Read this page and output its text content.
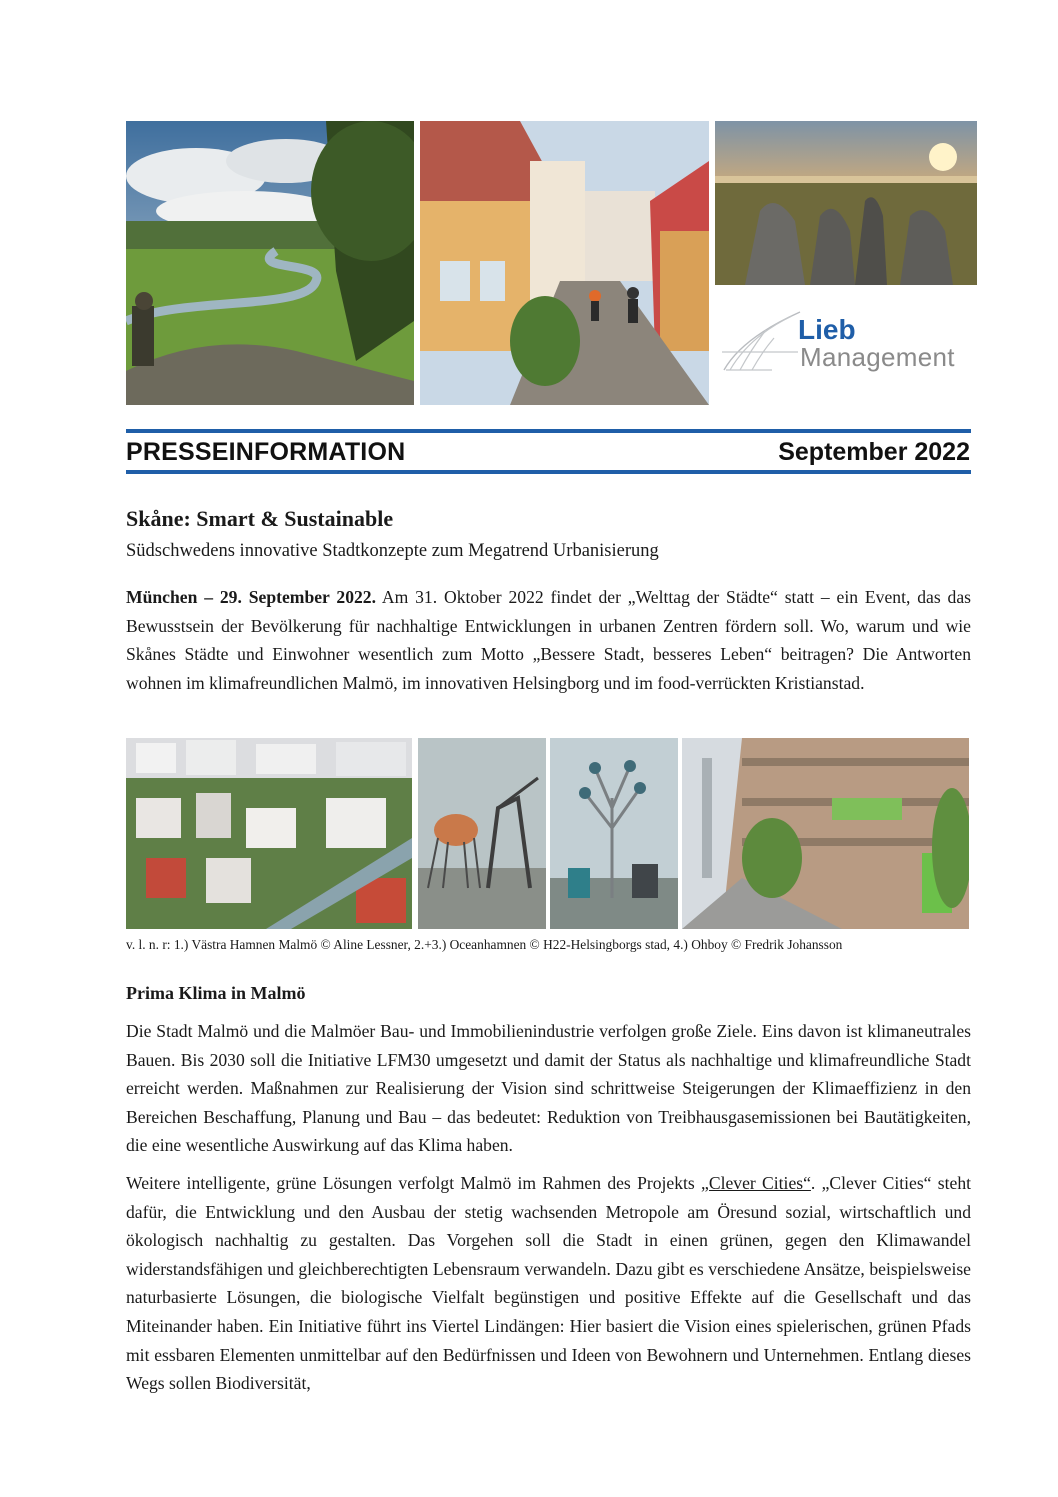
Lieb
Management
PRESSEINFORMATION	September 2022
Skåne: Smart & Sustainable
Südschwedens innovative Stadtkonzepte zum Megatrend Urbanisierung
München – 29. September 2022. Am 31. Oktober 2022 findet der „Welttag der Städte“ statt – ein Event, das das Bewusstsein der Bevölkerung für nachhaltige Entwicklungen in urbanen Zentren fördern soll. Wo, warum und wie Skånes Städte und Einwohner wesentlich zum Motto „Bessere Stadt, besseres Leben“ beitragen? Die Antworten wohnen im klimafreundlichen Malmö, im innovativen Helsingborg und im food-verrückten Kristianstad.
v. l. n. r: 1.) Västra Hamnen Malmö © Aline Lessner, 2.+3.) Oceanhamnen © H22-Helsingborgs stad, 4.) Ohboy © Fredrik Johansson
Prima Klima in Malmö
Die Stadt Malmö und die Malmöer Bau- und Immobilienindustrie verfolgen große Ziele. Eins davon ist klimaneutrales Bauen. Bis 2030 soll die Initiative LFM30 umgesetzt und damit der Status als nachhaltige und klimafreundliche Stadt erreicht werden. Maßnahmen zur Realisierung der Vision sind schrittweise Steigerungen der Klimaeffizienz in den Bereichen Beschaffung, Planung und Bau – das bedeutet: Reduktion von Treibhausgasemissionen bei Bautätigkeiten, die eine wesentliche Auswirkung auf das Klima haben.
Weitere intelligente, grüne Lösungen verfolgt Malmö im Rahmen des Projekts „Clever Cities“. „Clever Cities“ steht dafür, die Entwicklung und den Ausbau der stetig wachsenden Metropole am Öresund sozial, wirtschaftlich und ökologisch nachhaltig zu gestalten. Das Vorgehen soll die Stadt in einen grünen, gegen den Klimawandel widerstandsfähigen und gleichberechtigten Lebensraum verwandeln. Dazu gibt es verschiedene Ansätze, beispielsweise naturbasierte Lösungen, die biologische Vielfalt begünstigen und positive Effekte auf die Gesellschaft und das Miteinander haben. Ein Initiative führt ins Viertel Lindängen: Hier basiert die Vision eines spielerischen, grünen Pfads mit essbaren Elementen unmittelbar auf den Bedürfnissen und Ideen von Bewohnern und Unternehmen. Entlang dieses Wegs sollen Biodiversität,
